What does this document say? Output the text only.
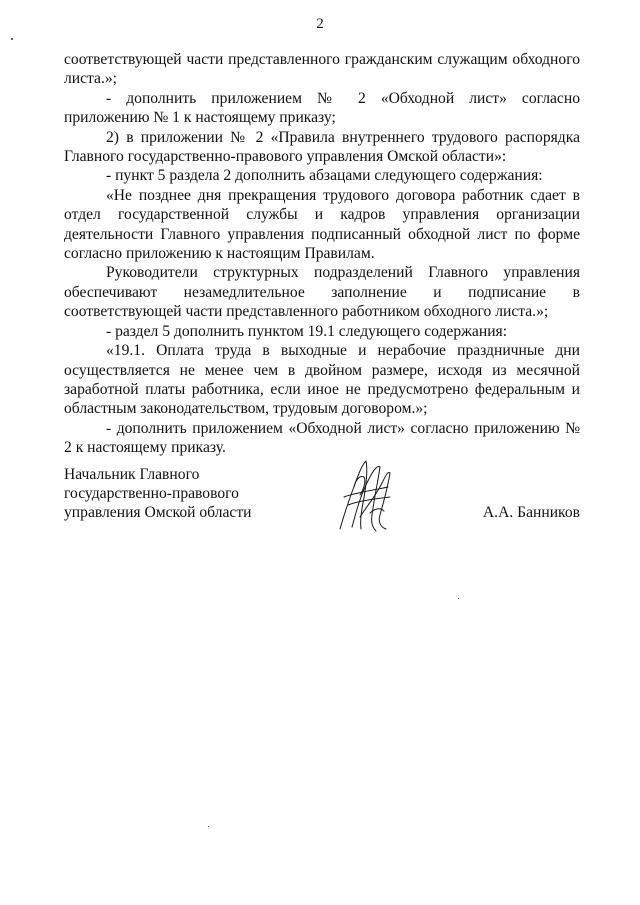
2

соответствующей части представленного гражданским служащим обходного листа.»;

- дополнить приложением № 2 «Обходной лист» согласно приложению № 1 к настоящему приказу;

2) в приложении № 2 «Правила внутреннего трудового распорядка Главного государственно-правового управления Омской области»:

- пункт 5 раздела 2 дополнить абзацами следующего содержания:

«Не позднее дня прекращения трудового договора работник сдает в отдел государственной службы и кадров управления организации деятельности Главного управления подписанный обходной лист по форме согласно приложению к настоящим Правилам.

Руководители структурных подразделений Главного управления обеспечивают незамедлительное заполнение и подписание в соответствующей части представленного работником обходного листа.»;

- раздел 5 дополнить пунктом 19.1 следующего содержания:

«19.1. Оплата труда в выходные и нерабочие праздничные дни осуществляется не менее чем в двойном размере, исходя из месячной заработной платы работника, если иное не предусмотрено федеральным и областным законодательством, трудовым договором.»;

- дополнить приложением «Обходной лист» согласно приложению № 2 к настоящему приказу.

Начальник Главного
государственно-правового
управления Омской области	А.А. Банников
